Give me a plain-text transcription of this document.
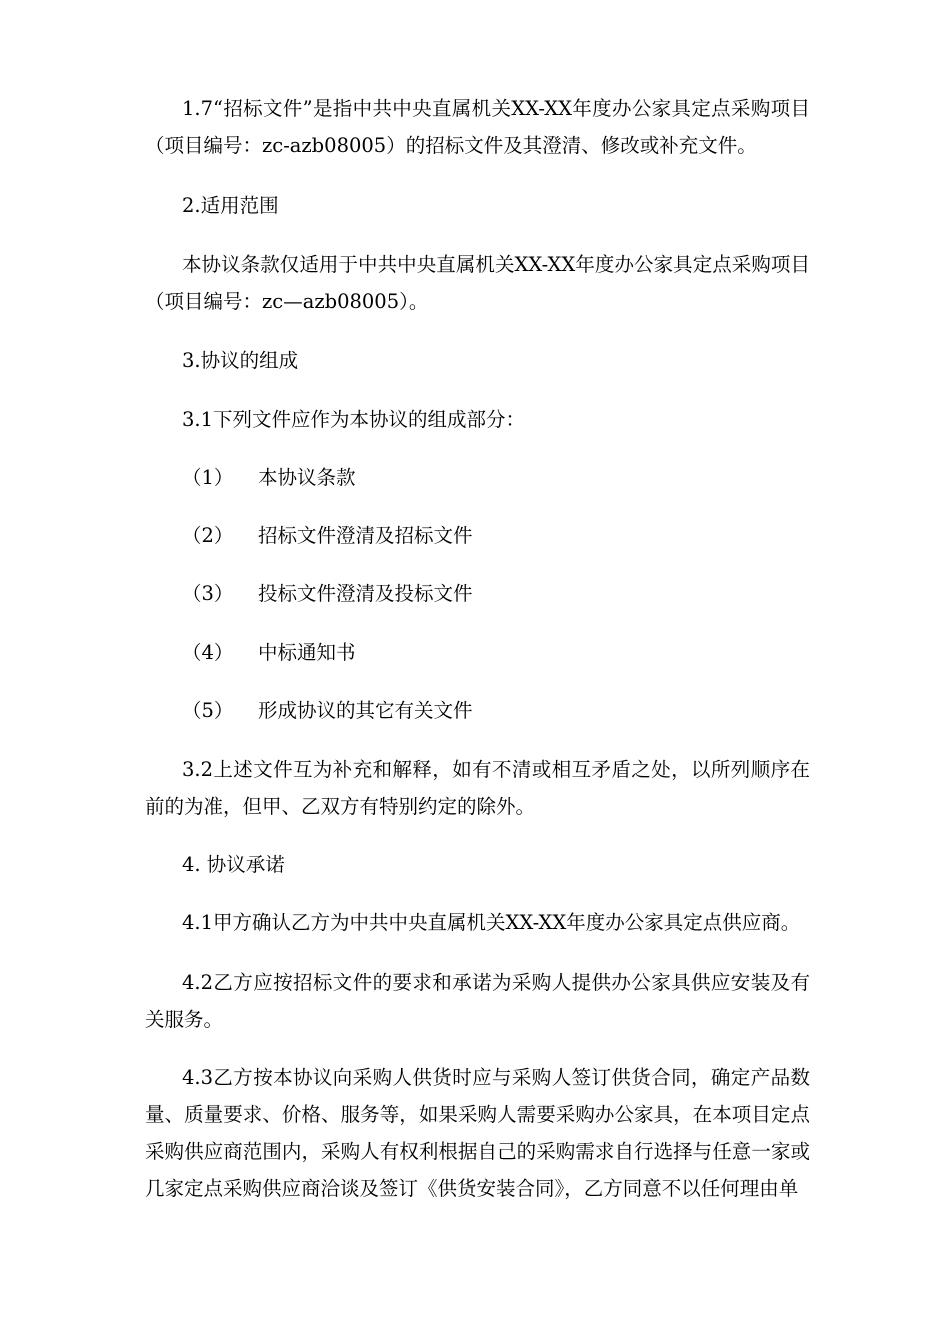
1.7“招标文件”是指中共中央直属机关XX-XX年度办公家具定点采购项目（项目编号：zc-azb08005）的招标文件及其澄清、修改或补充文件。

2.适用范围

本协议条款仅适用于中共中央直属机关XX-XX年度办公家具定点采购项目（项目编号：zc—azb08005）。

3.协议的组成

3.1下列文件应作为本协议的组成部分：

（1） 本协议条款
（2） 招标文件澄清及招标文件
（3） 投标文件澄清及投标文件
（4） 中标通知书
（5） 形成协议的其它有关文件

3.2上述文件互为补充和解释，如有不清或相互矛盾之处，以所列顺序在前的为准，但甲、乙双方有特别约定的除外。

4. 协议承诺

4.1甲方确认乙方为中共中央直属机关XX-XX年度办公家具定点供应商。

4.2乙方应按招标文件的要求和承诺为采购人提供办公家具供应安装及有关服务。

4.3乙方按本协议向采购人供货时应与采购人签订供货合同，确定产品数量、质量要求、价格、服务等，如果采购人需要采购办公家具，在本项目定点采购供应商范围内，采购人有权利根据自己的采购需求自行选择与任意一家或几家定点采购供应商洽谈及签订《供货安装合同》，乙方同意不以任何理由单
